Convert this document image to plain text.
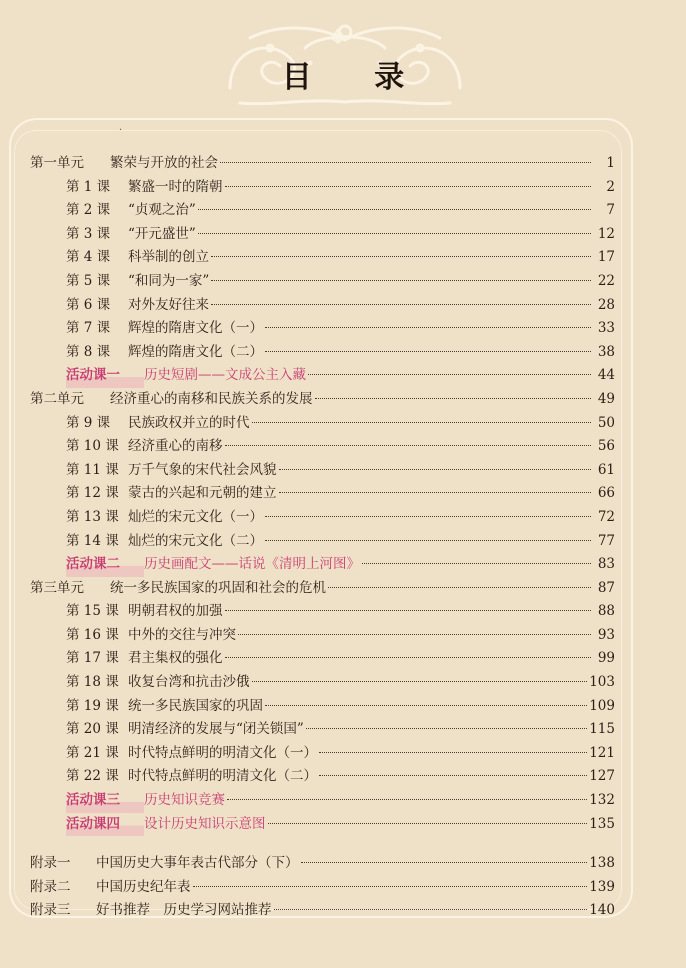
目 录
·
第一单元	繁荣与开放的社会	1
第 1 课	繁盛一时的隋朝	2
第 2 课	“贞观之治”	7
第 3 课	“开元盛世”	12
第 4 课	科举制的创立	17
第 5 课	“和同为一家”	22
第 6 课	对外友好往来	28
第 7 课	辉煌的隋唐文化（一）	33
第 8 课	辉煌的隋唐文化（二）	38
活动课一	历史短剧——文成公主入藏	44
第二单元	经济重心的南移和民族关系的发展	49
第 9 课	民族政权并立的时代	50
第 10 课 经济重心的南移	56
第 11 课 万千气象的宋代社会风貌	61
第 12 课 蒙古的兴起和元朝的建立	66
第 13 课 灿烂的宋元文化（一）	72
第 14 课 灿烂的宋元文化（二）	77
活动课二	历史画配文——话说《清明上河图》	83
第三单元	统一多民族国家的巩固和社会的危机	87
第 15 课 明朝君权的加强	88
第 16 课 中外的交往与冲突	93
第 17 课 君主集权的强化	99
第 18 课 收复台湾和抗击沙俄	103
第 19 课 统一多民族国家的巩固	109
第 20 课 明清经济的发展与“闭关锁国”	115
第 21 课 时代特点鲜明的明清文化（一）	121
第 22 课 时代特点鲜明的明清文化（二）	127
活动课三	历史知识竞赛	132
活动课四	设计历史知识示意图	135
附录一	中国历史大事年表古代部分（下）	138
附录二	中国历史纪年表	139
附录三	好书推荐　历史学习网站推荐	140
